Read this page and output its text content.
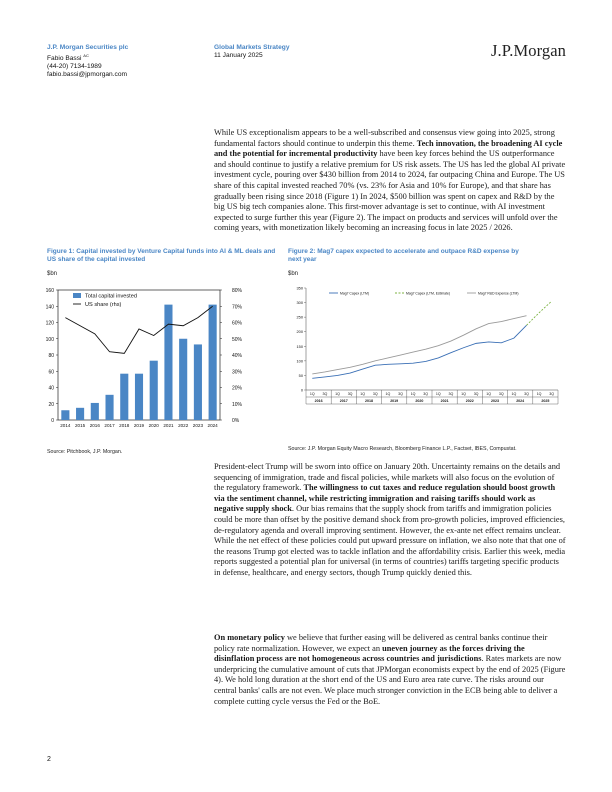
J.P. Morgan Securities plc
Fabio Bassi $^{AC}$
(44-20) 7134-1989
fabio.bassi@jpmorgan.com
Global Markets Strategy
11 January 2025	J.P.Morgan

While US exceptionalism appears to be a well-subscribed and consensus view going into 2025, strong fundamental factors should continue to underpin this theme. Tech innovation, the broadening AI cycle and the potential for incremental productivity have been key forces behind the US outperformance and should continue to justify a relative premium for US risk assets. The US has led the global AI private investment cycle, pouring over $430 billion from 2014 to 2024, far outpacing China and Europe. The US share of this capital invested reached 70% (vs. 23% for Asia and 10% for Europe), and that share has gradually been rising since 2018 (Figure 1) In 2024, $500 billion was spent on capex and R&D by the big US big tech companies alone. This first-mover advantage is set to continue, with AI investment expected to surge further this year (Figure 2). The impact on products and services will unfold over the coming years, with monetization likely becoming an increasing focus in late 2025 / 2026.

Figure 1: Capital invested by Venture Capital funds into AI & ML deals and US share of the capital invested
$bn
160
140
120
100
80
60
40
20
0
80%
70%
60%
50%
40%
30%
20%
10%
0%
2014 2015 2016 2017 2018 2019 2020 2021 2022 2023 2024
Total capital invested
US share (rhs)
Source: Pitchbook, J.P. Morgan.
Figure 2: Mag7 capex expected to accelerate and outpace R&D expense by next year
$bn
350
300
250
200
150
100
50
0
Mag7 Capex (LTM)	Mag7 Capex (LTM, Estimate)	Mag7 R&D Expense (LTM)
1Q 3Q 1Q 3Q 1Q 3Q 1Q 3Q 1Q 3Q 1Q 3Q 1Q 3Q 1Q 3Q 1Q 3Q 1Q 3Q
2016	2017	2018	2019	2020	2021	2022	2023	2024	2025
Source: J.P. Morgan Equity Macro Research, Bloomberg Finance L.P., Factset, IBES, Compustat.

President-elect Trump will be sworn into office on January 20th. Uncertainty remains on the details and sequencing of immigration, trade and fiscal policies, while markets will also focus on the evolution of the regulatory framework. The willingness to cut taxes and reduce regulation should boost growth via the sentiment channel, while restricting immigration and raising tariffs should work as negative supply shock. Our bias remains that the supply shock from tariffs and immigration policies could be more than offset by the positive demand shock from pro-growth policies, improved efficiencies, de-regulatory agenda and overall improving sentiment. However, the ex-ante net effect remains unclear. While the net effect of these policies could put upward pressure on inflation, we also note that that one of the reasons Trump got elected was to tackle inflation and the affordability crisis. Earlier this week, media reports suggested a potential plan for universal (in terms of countries) tariffs targeting specific products in defense, healthcare, and energy sectors, though Trump quickly denied this.

On monetary policy we believe that further easing will be delivered as central banks continue their policy rate normalization. However, we expect an uneven journey as the forces driving the disinflation process are not homogeneous across countries and jurisdictions. Rates markets are now underpricing the cumulative amount of cuts that JPMorgan economists expect by the end of 2025 (Figure 4). We hold long duration at the short end of the US and Euro area rate curve. The risks around our central banks' calls are not even. We place much stronger conviction in the ECB being able to deliver a complete cutting cycle versus the Fed or the BoE.

2
